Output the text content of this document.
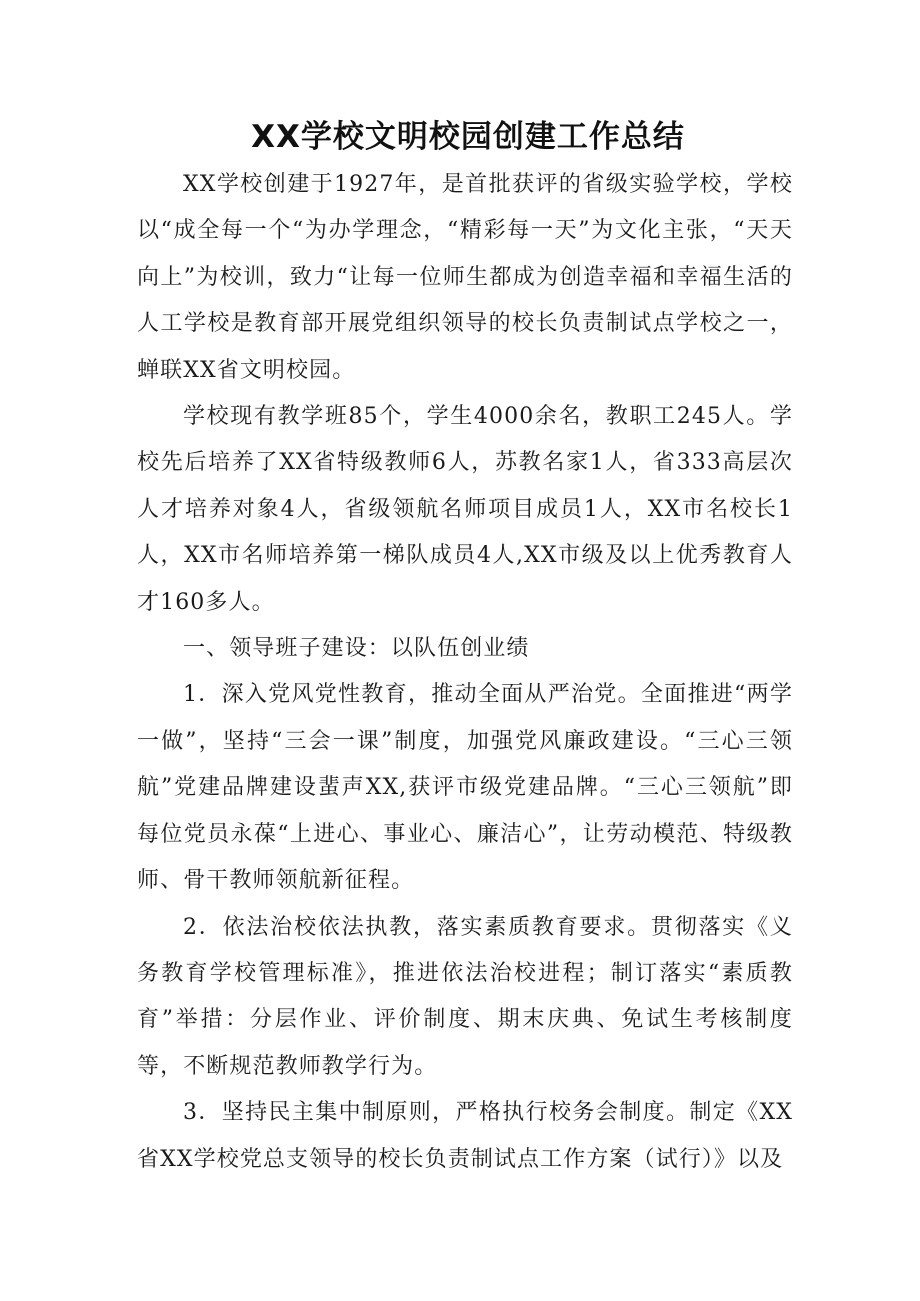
XX学校文明校园创建工作总结

XX学校创建于1927年，是首批获评的省级实验学校，学校以“成全每一个“为办学理念，“精彩每一天”为文化主张，“天天向上”为校训，致力“让每一位师生都成为创造幸福和幸福生活的人工学校是教育部开展党组织领导的校长负责制试点学校之一，蝉联XX省文明校园。

学校现有教学班85个，学生4000余名，教职工245人。学校先后培养了XX省特级教师6人，苏教名家1人，省333高层次人才培养对象4人，省级领航名师项目成员1人，XX市名校长1人，XX市名师培养第一梯队成员4人,XX市级及以上优秀教育人才160多人。

一、领导班子建设：以队伍创业绩

1．深入党风党性教育，推动全面从严治党。全面推进“两学一做”，坚持“三会一课”制度，加强党风廉政建设。“三心三领航”党建品牌建设蜚声XX,获评市级党建品牌。“三心三领航”即每位党员永葆“上进心、事业心、廉洁心”，让劳动模范、特级教师、骨干教师领航新征程。

2．依法治校依法执教，落实素质教育要求。贯彻落实《义务教育学校管理标准》，推进依法治校进程；制订落实“素质教育”举措：分层作业、评价制度、期末庆典、免试生考核制度等，不断规范教师教学行为。

3．坚持民主集中制原则，严格执行校务会制度。制定《XX省XX学校党总支领导的校长负责制试点工作方案（试行）》以及
